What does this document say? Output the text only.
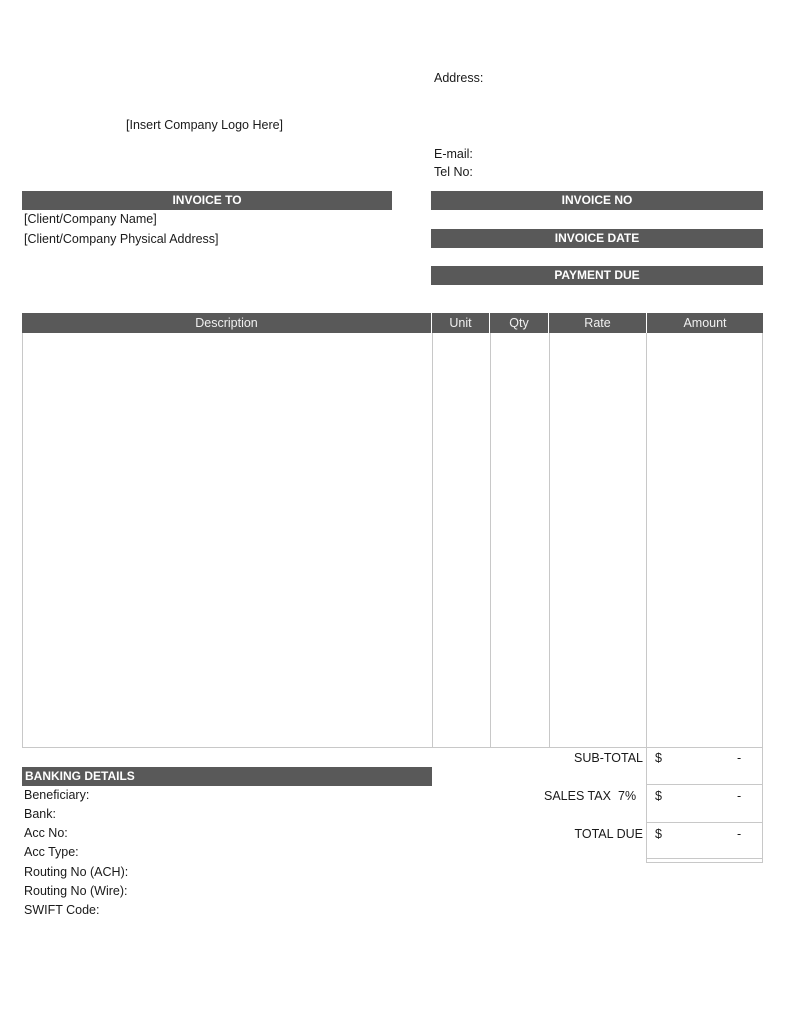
Address:
[Insert Company Logo Here]
E-mail:
Tel No:
INVOICE TO
[Client/Company Name]
[Client/Company Physical Address]
INVOICE NO
INVOICE DATE
PAYMENT DUE
Description	Unit	Qty	Rate	Amount
SUB-TOTAL $	-
SALES TAX 7% $	-
TOTAL DUE $	-
BANKING DETAILS
Beneficiary:
Bank:
Acc No:
Acc Type:
Routing No (ACH):
Routing No (Wire):
SWIFT Code:
